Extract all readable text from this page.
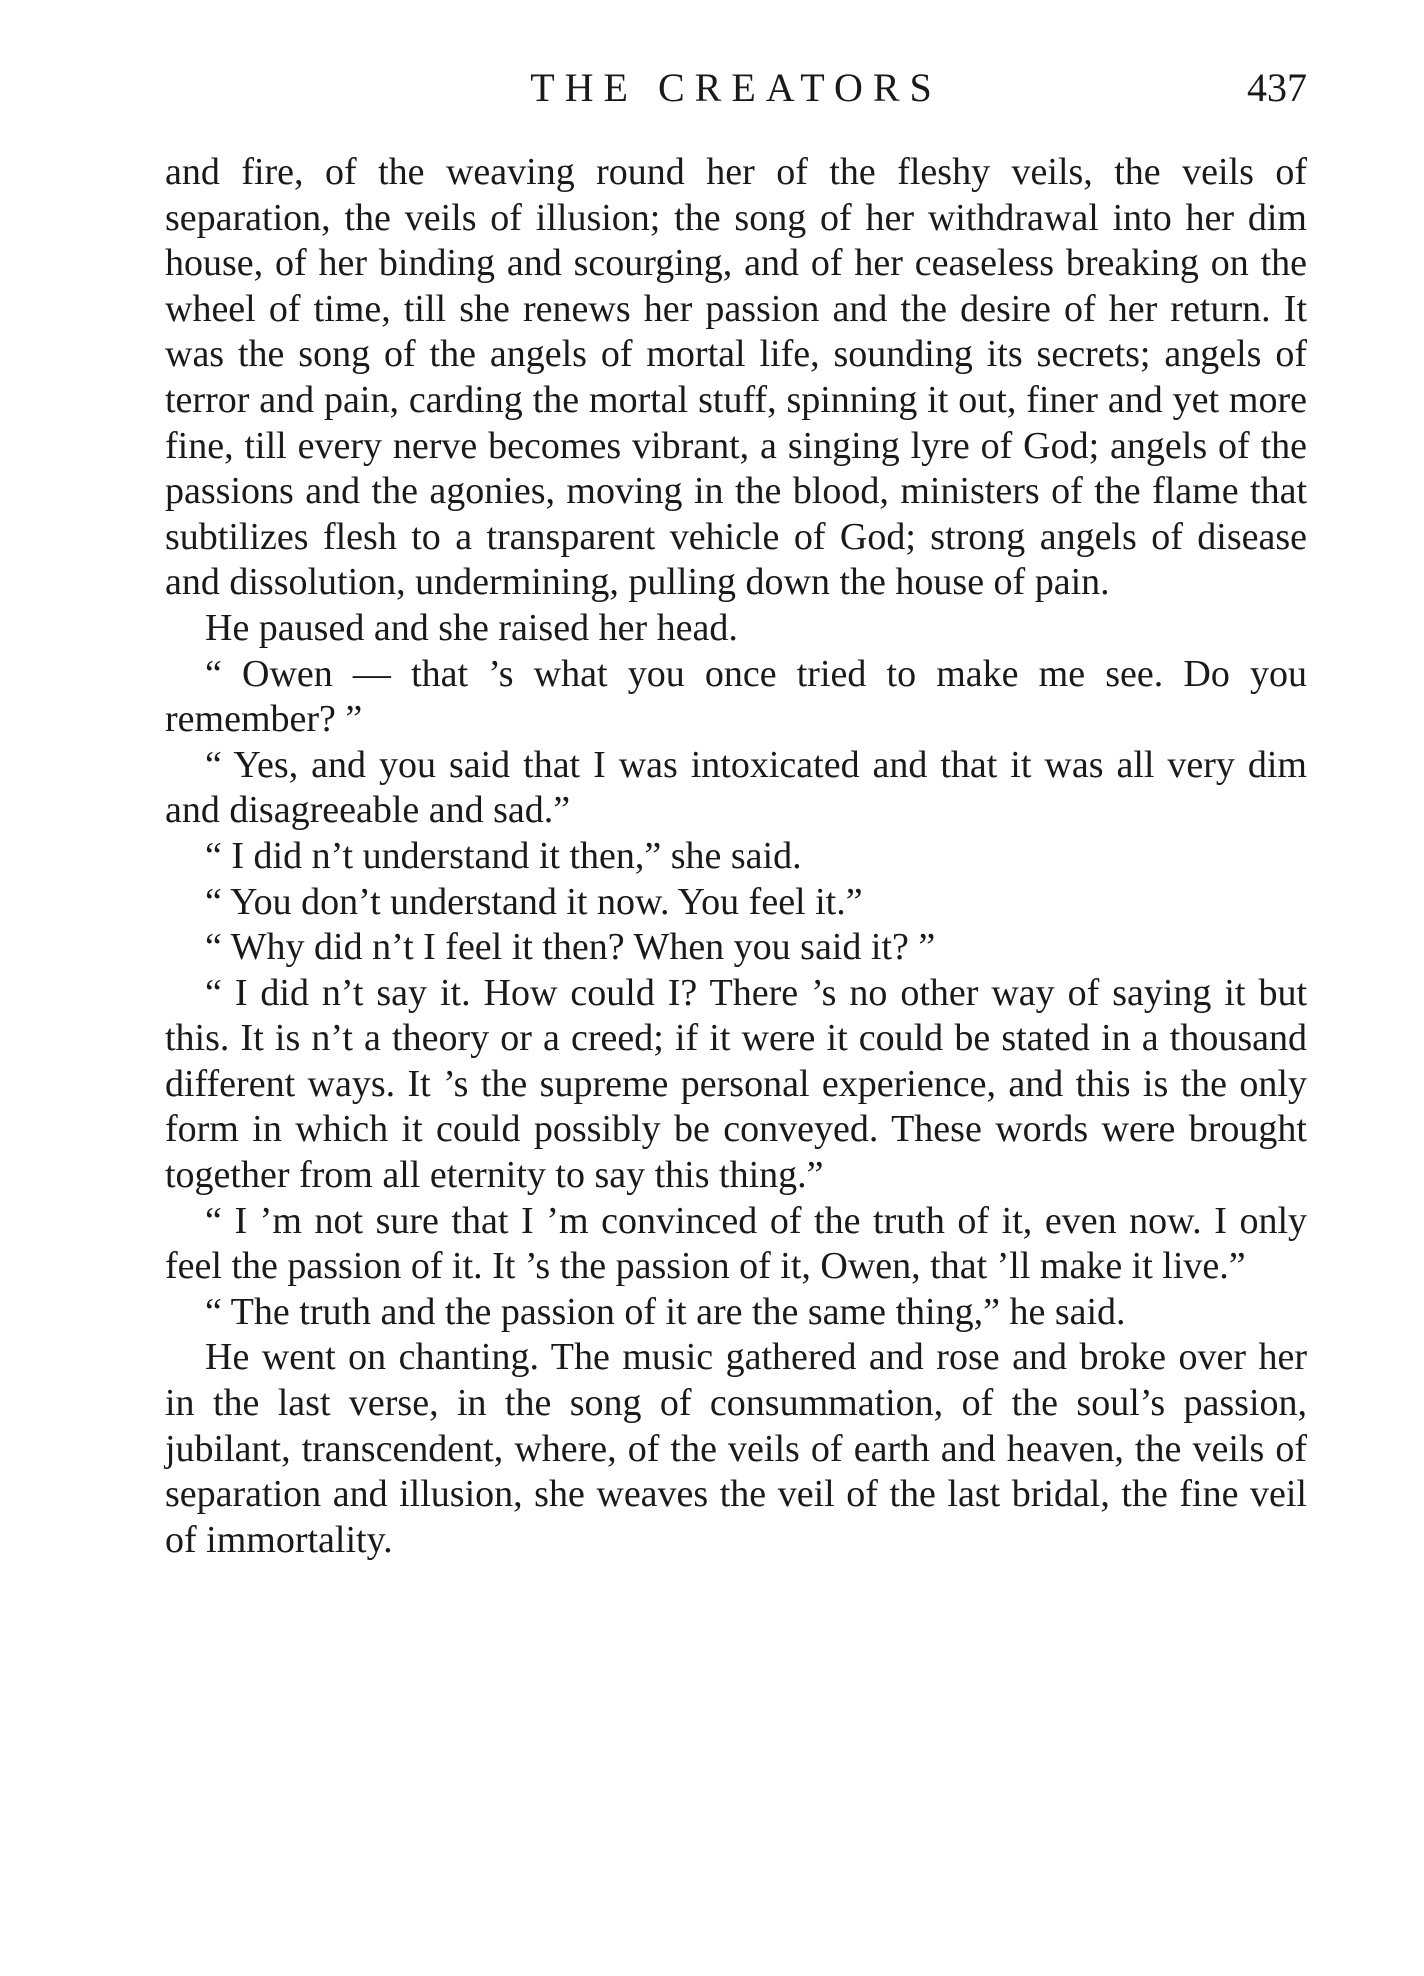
THE CREATORS	437

and fire, of the weaving round her of the fleshy veils, the veils of separation, the veils of illusion; the song of her withdrawal into her dim house, of her binding and scourging, and of her ceaseless breaking on the wheel of time, till she renews her passion and the desire of her return. It was the song of the angels of mortal life, sounding its secrets; angels of terror and pain, carding the mortal stuff, spinning it out, finer and yet more fine, till every nerve becomes vibrant, a singing lyre of God; angels of the passions and the agonies, moving in the blood, ministers of the flame that subtilizes flesh to a transparent vehicle of God; strong angels of disease and dissolution, undermining, pulling down the house of pain.

He paused and she raised her head.

“ Owen — that ’s what you once tried to make me see. Do you remember? ”

“ Yes, and you said that I was intoxicated and that it was all very dim and disagreeable and sad.”

“ I did n’t understand it then,” she said.

“ You don’t understand it now. You feel it.”

“ Why did n’t I feel it then? When you said it? ”

“ I did n’t say it. How could I? There ’s no other way of saying it but this. It is n’t a theory or a creed; if it were it could be stated in a thousand different ways. It ’s the supreme personal experience, and this is the only form in which it could possibly be conveyed. These words were brought together from all eternity to say this thing.”

“ I ’m not sure that I ’m convinced of the truth of it, even now. I only feel the passion of it. It ’s the passion of it, Owen, that ’ll make it live.”

“ The truth and the passion of it are the same thing,” he said.

He went on chanting. The music gathered and rose and broke over her in the last verse, in the song of consummation, of the soul’s passion, jubilant, transcendent, where, of the veils of earth and heaven, the veils of separation and illusion, she weaves the veil of the last bridal, the fine veil of immortality.
